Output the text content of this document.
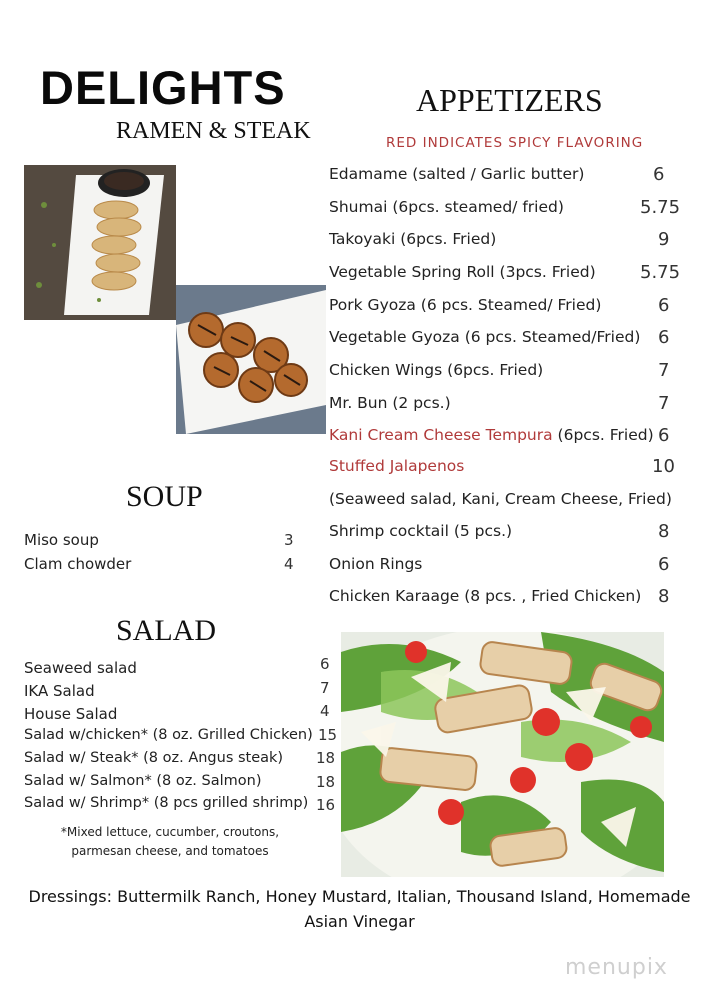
DELIGHTS
RAMEN & STEAK
APPETIZERS
RED INDICATES SPICY FLAVORING
Edamame (salted / Garlic butter)	6
Shumai (6pcs. steamed/ fried)	5.75
Takoyaki (6pcs. Fried)	9
Vegetable Spring Roll (3pcs. Fried) 5.75
Pork Gyoza (6 pcs. Steamed/ Fried)	6
Vegetable Gyoza (6 pcs. Steamed/Fried) 6
Chicken Wings (6pcs. Fried)	7
Mr. Bun (2 pcs.)	7
Kani Cream Cheese Tempura (6pcs. Fried) 6
Stuffed Jalapenos	10
(Seaweed salad, Kani, Cream Cheese, Fried)
Shrimp cocktail (5 pcs.)	8
Onion Rings	6
Chicken Karaage (8 pcs. , Fried Chicken) 8
SOUP
Miso soup	3
Clam chowder	4
SALAD
Seaweed salad	6
IKA Salad	7
House Salad	4
Salad w/chicken* (8 oz. Grilled Chicken) 15
Salad w/ Steak* (8 oz. Angus steak) 18
Salad w/ Salmon* (8 oz. Salmon)	18
Salad w/ Shrimp* (8 pcs grilled shrimp) 16
*Mixed lettuce, cucumber, croutons,
parmesan cheese, and tomatoes
Dressings: Buttermilk Ranch, Honey Mustard, Italian, Thousand Island, Homemade
Asian Vinegar
menupix
